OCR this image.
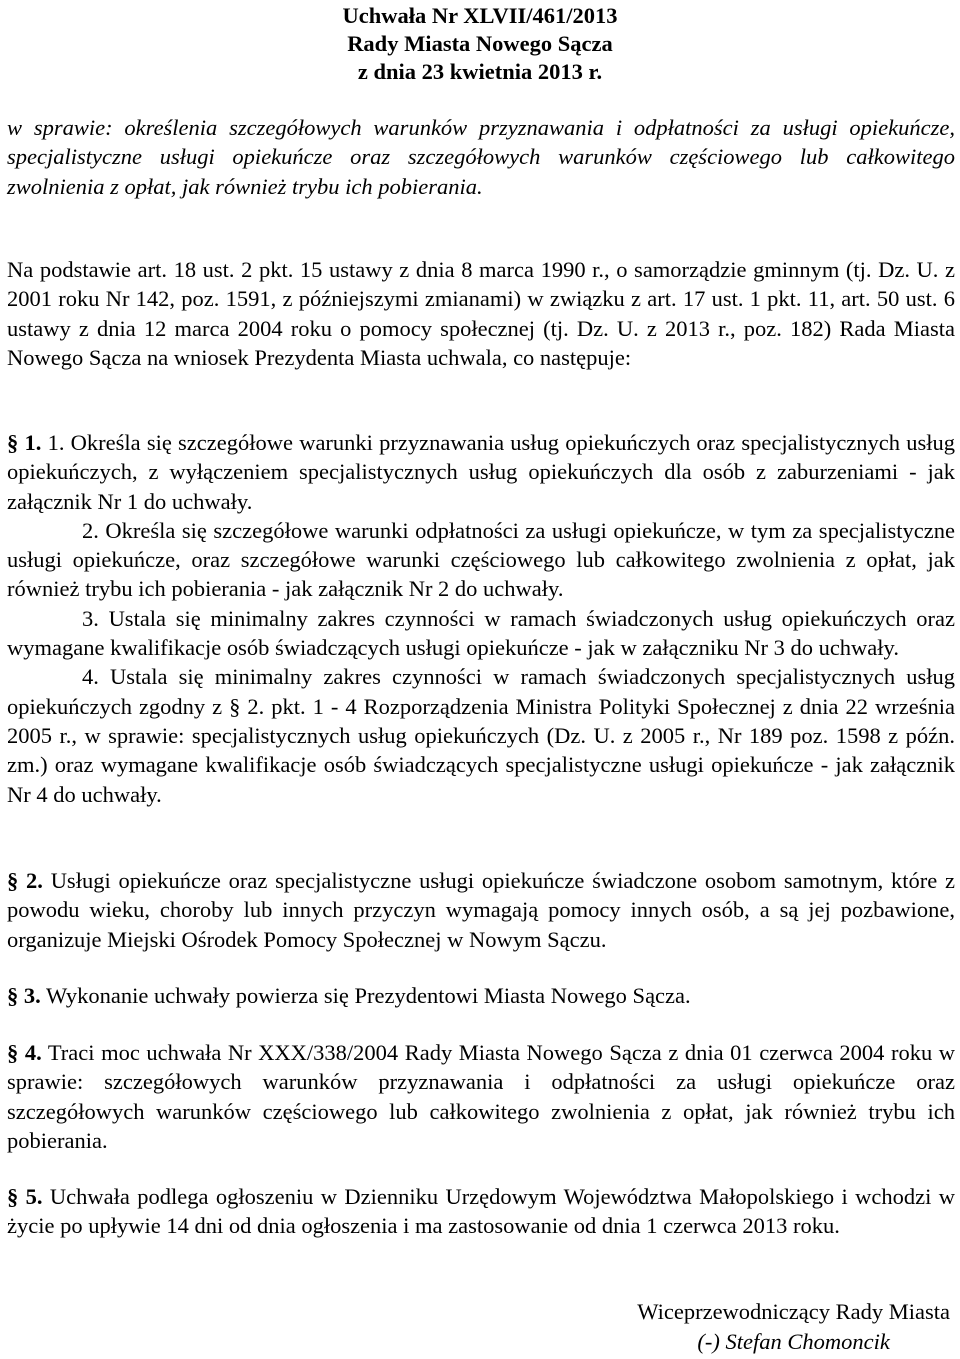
Uchwała Nr XLVII/461/2013
Rady Miasta Nowego Sącza
z dnia 23 kwietnia 2013 r.
w sprawie: określenia szczegółowych warunków przyznawania i odpłatności za usługi opiekuńcze, specjalistyczne usługi opiekuńcze oraz szczegółowych warunków częściowego lub całkowitego zwolnienia z opłat, jak również trybu ich pobierania.
Na podstawie art. 18 ust. 2 pkt. 15 ustawy z dnia 8 marca 1990 r., o samorządzie gminnym (tj. Dz. U. z 2001 roku Nr 142, poz. 1591, z późniejszymi zmianami) w związku z art. 17 ust. 1 pkt. 11, art. 50 ust. 6 ustawy z dnia 12 marca 2004 roku o pomocy społecznej (tj. Dz. U. z 2013 r., poz. 182) Rada Miasta Nowego Sącza na wniosek Prezydenta Miasta uchwala, co następuje:
§ 1. 1. Określa się szczegółowe warunki przyznawania usług opiekuńczych oraz specjalistycznych usług opiekuńczych, z wyłączeniem specjalistycznych usług opiekuńczych dla osób z zaburzeniami - jak załącznik Nr 1 do uchwały.
2. Określa się szczegółowe warunki odpłatności za usługi opiekuńcze, w tym za specjalistyczne usługi opiekuńcze, oraz szczegółowe warunki częściowego lub całkowitego zwolnienia z opłat, jak również trybu ich pobierania - jak załącznik Nr 2 do uchwały.
3. Ustala się minimalny zakres czynności w ramach świadczonych usług opiekuńczych oraz wymagane kwalifikacje osób świadczących usługi opiekuńcze - jak w załączniku Nr 3 do uchwały.
4. Ustala się minimalny zakres czynności w ramach świadczonych specjalistycznych usług opiekuńczych zgodny z § 2. pkt. 1 - 4 Rozporządzenia Ministra Polityki Społecznej z dnia 22 września 2005 r., w sprawie: specjalistycznych usług opiekuńczych (Dz. U. z 2005 r., Nr 189 poz. 1598 z późn. zm.) oraz wymagane kwalifikacje osób świadczących specjalistyczne usługi opiekuńcze - jak załącznik Nr 4 do uchwały.
§ 2. Usługi opiekuńcze oraz specjalistyczne usługi opiekuńcze świadczone osobom samotnym, które z powodu wieku, choroby lub innych przyczyn wymagają pomocy innych osób, a są jej pozbawione, organizuje Miejski Ośrodek Pomocy Społecznej w Nowym Sączu.
§ 3. Wykonanie uchwały powierza się Prezydentowi Miasta Nowego Sącza.
§ 4. Traci moc uchwała Nr XXX/338/2004 Rady Miasta Nowego Sącza z dnia 01 czerwca 2004 roku w sprawie: szczegółowych warunków przyznawania i odpłatności za usługi opiekuńcze oraz szczegółowych warunków częściowego lub całkowitego zwolnienia z opłat, jak również trybu ich pobierania.
§ 5. Uchwała podlega ogłoszeniu w Dzienniku Urzędowym Województwa Małopolskiego i wchodzi w życie po upływie 14 dni od dnia ogłoszenia i ma zastosowanie od dnia 1 czerwca 2013 roku.
Wiceprzewodniczący Rady Miasta
(-) Stefan Chomoncik
